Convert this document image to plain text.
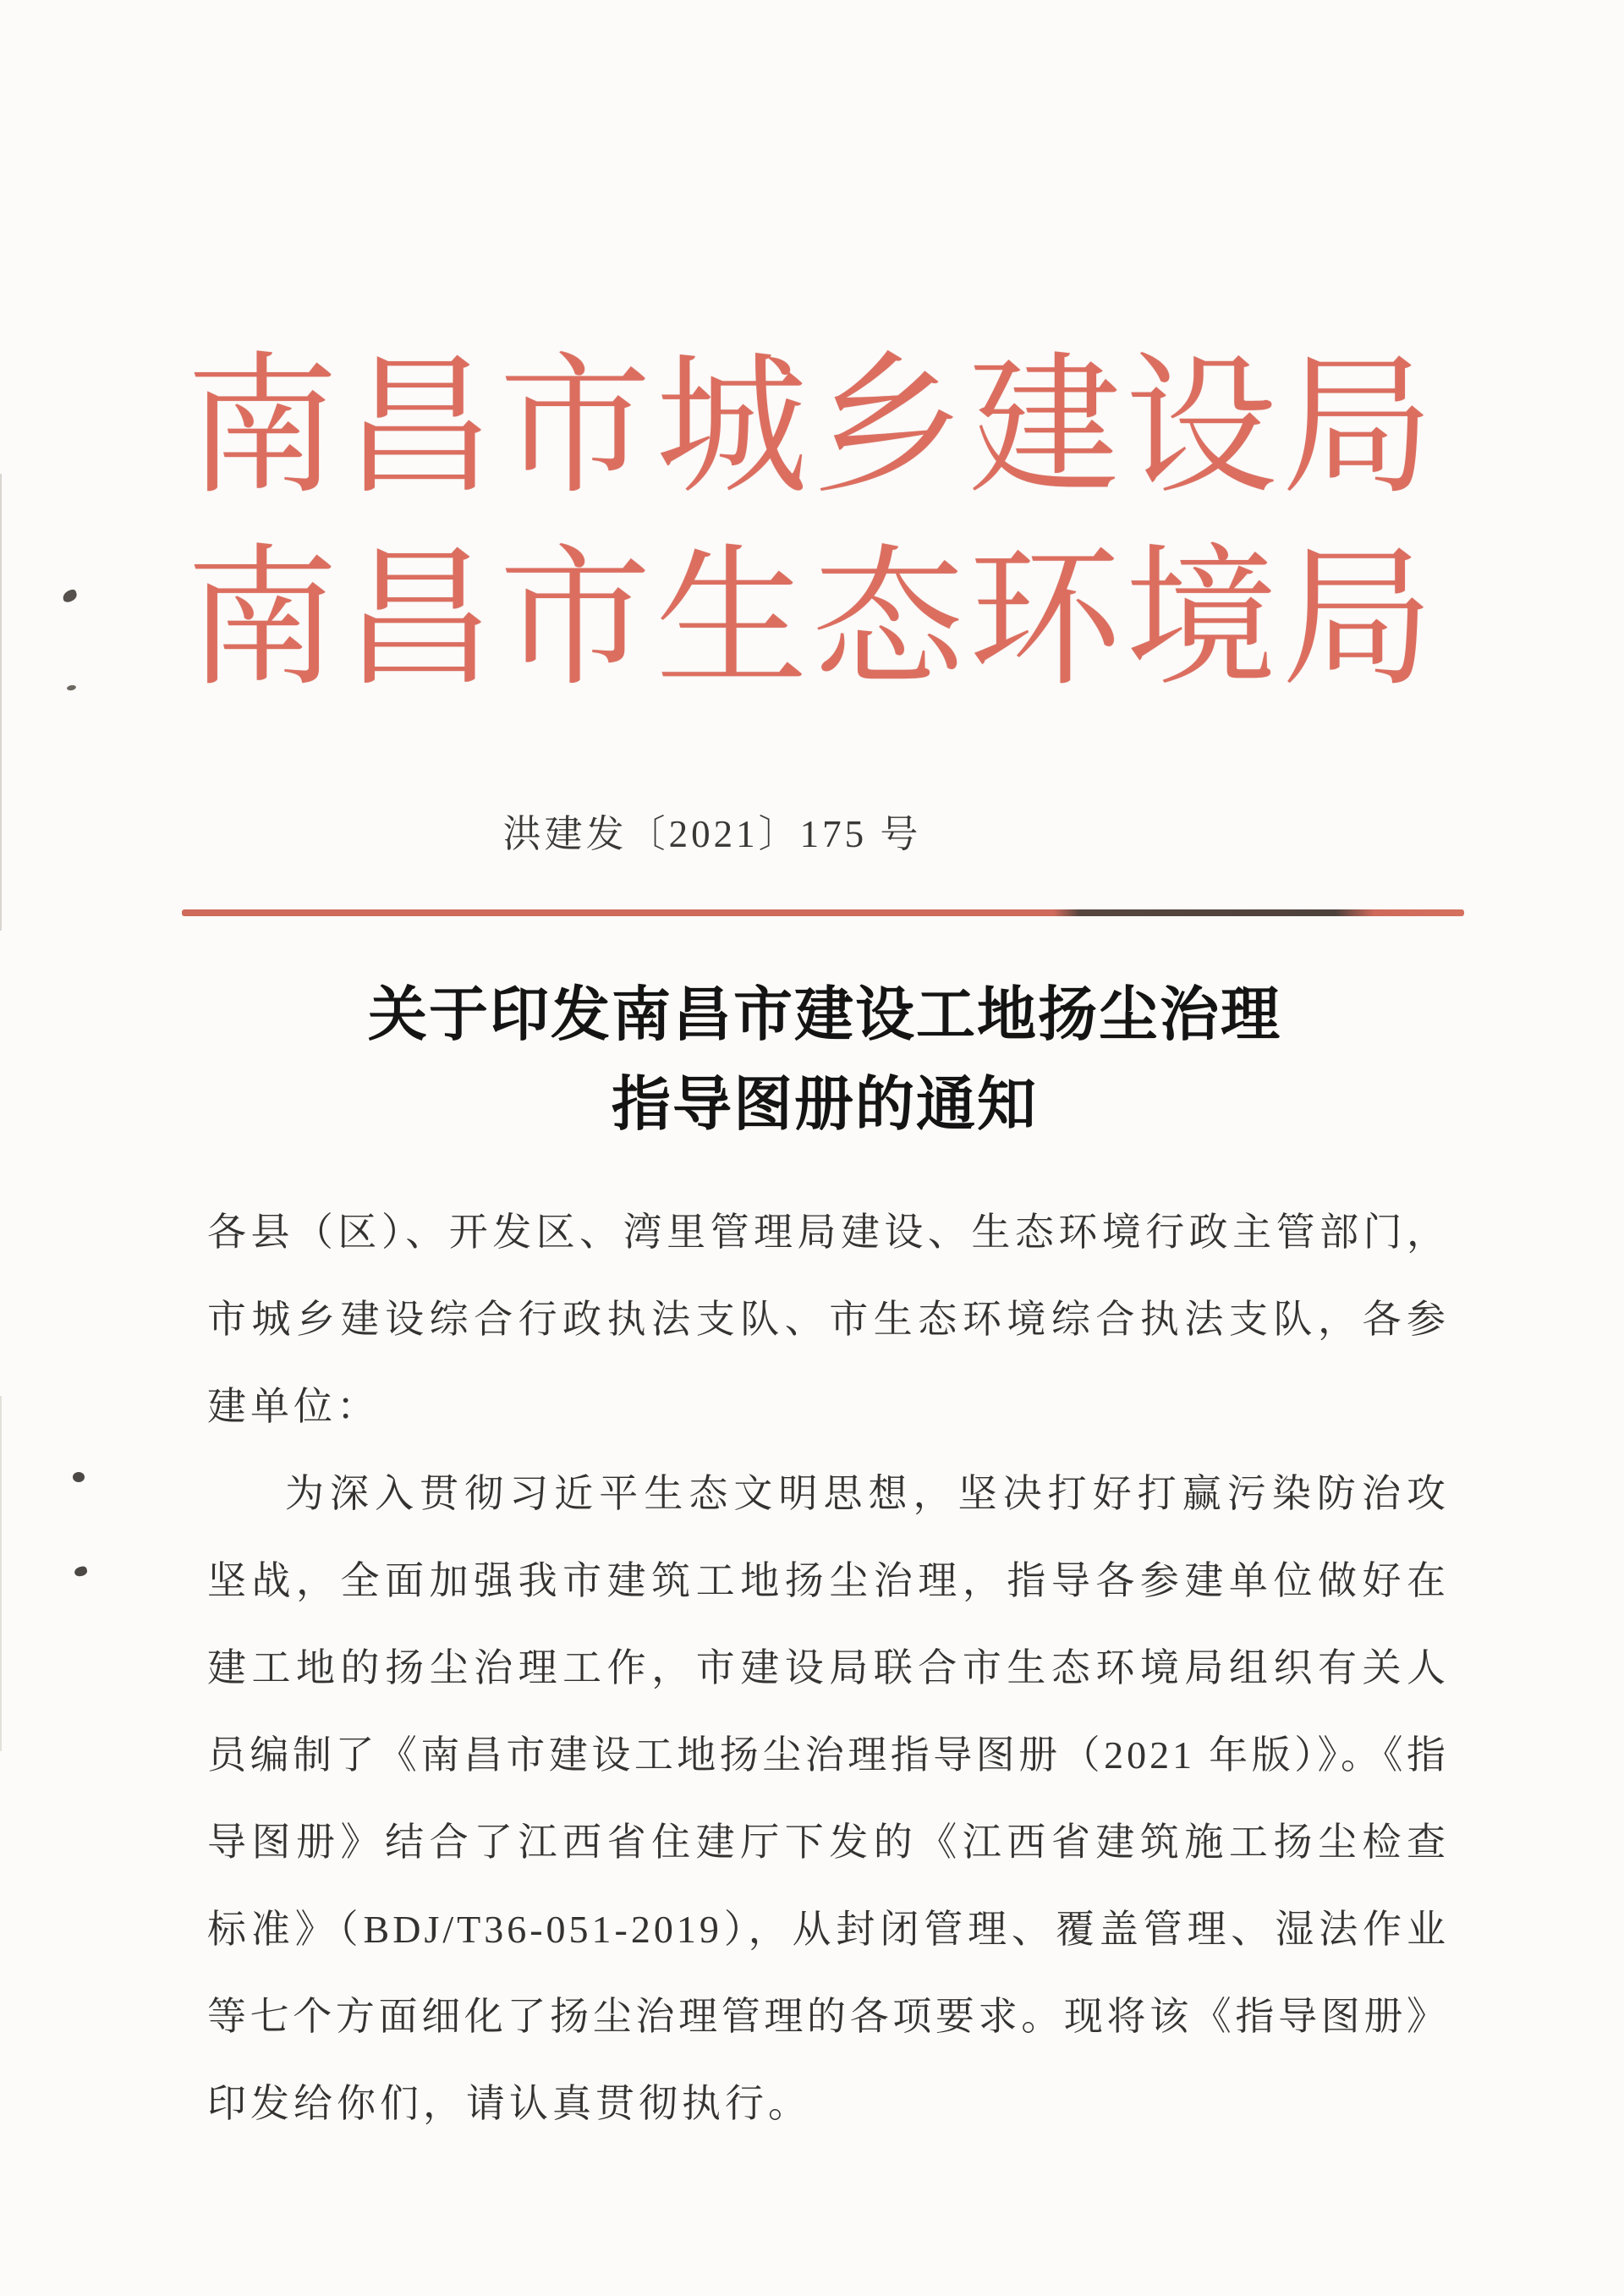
南昌市城乡建设局
南昌市生态环境局
洪建发〔2021〕175 号
关于印发南昌市建设工地扬尘治理
指导图册的通知
各县（区）、开发区、湾里管理局建设、生态环境行政主管部门，
市城乡建设综合行政执法支队、市生态环境综合执法支队，各参
建单位：
为深入贯彻习近平生态文明思想，坚决打好打赢污染防治攻
坚战，全面加强我市建筑工地扬尘治理，指导各参建单位做好在
建工地的扬尘治理工作，市建设局联合市生态环境局组织有关人
员编制了《南昌市建设工地扬尘治理指导图册（2021 年版）》。《指
导图册》结合了江西省住建厅下发的《江西省建筑施工扬尘检查
标准》（BDJ/T36-051-2019），从封闭管理、覆盖管理、湿法作业
等七个方面细化了扬尘治理管理的各项要求。现将该《指导图册》
印发给你们，请认真贯彻执行。
